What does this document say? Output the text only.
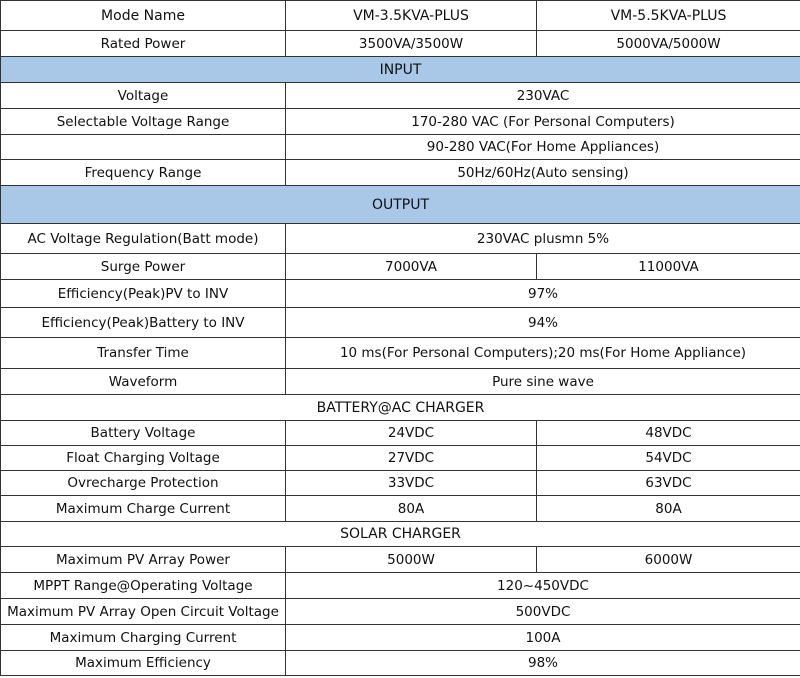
Mode Name	VM-3.5KVA-PLUS	VM-5.5KVA-PLUS
Rated Power	3500VA/3500W	5000VA/5000W
INPUT		
Voltage	230VAC	
Selectable Voltage Range	170-280 VAC (For Personal Computers)	
	90-280 VAC(For Home Appliances)	
Frequency Range	50Hz/60Hz(Auto sensing)	
OUTPUT		
AC Voltage Regulation(Batt mode)	230VAC plusmn 5%	
Surge Power	7000VA	11000VA
Efficiency(Peak)PV to INV	97%	
Efficiency(Peak)Battery to INV	94%	
Transfer Time	10 ms(For Personal Computers);20 ms(For Home Appliance)	
Waveform	Pure sine wave	
BATTERY@AC CHARGER		
Battery Voltage	24VDC	48VDC
Float Charging Voltage	27VDC	54VDC
Ovrecharge Protection	33VDC	63VDC
Maximum Charge Current	80A	80A
SOLAR CHARGER		
Maximum PV Array Power	5000W	6000W
MPPT Range@Operating Voltage	120~450VDC	
Maximum PV Array Open Circuit Voltage	500VDC	
Maximum Charging Current	100A	
Maximum Efficiency	98%	
